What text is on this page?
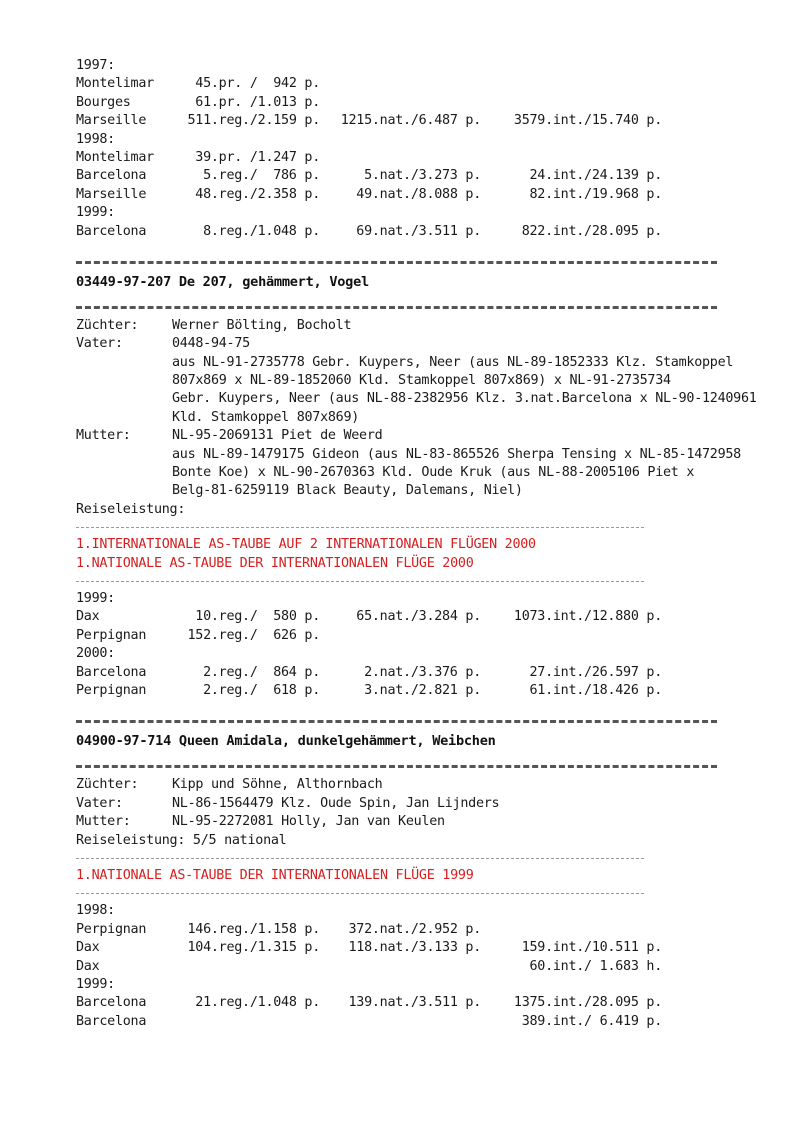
1997:
Montelimar	45.pr. /  942 p.
Bourges	61.pr. /1.013 p.
Marseille	511.reg./2.159 p. 1215.nat./6.487 p. 3579.int./15.740 p.
1998:
Montelimar	39.pr. /1.247 p.
Barcelona	5.reg./  786 p.	5.nat./3.273 p.	24.int./24.139 p.
Marseille	48.reg./2.358 p.	49.nat./8.088 p.	82.int./19.968 p.
1999:
Barcelona	8.reg./1.048 p.	69.nat./3.511 p.	822.int./28.095 p.
03449-97-207 De 207, gehämmert, Vogel
Züchter:	Werner Bölting, Bocholt
Vater:	0448-94-75
aus NL-91-2735778 Gebr. Kuypers, Neer (aus NL-89-1852333 Klz. Stamkoppel
807x869 x NL-89-1852060 Kld. Stamkoppel 807x869) x NL-91-2735734
Gebr. Kuypers, Neer (aus NL-88-2382956 Klz. 3.nat.Barcelona x NL-90-1240961
Kld. Stamkoppel 807x869)
Mutter:	NL-95-2069131 Piet de Weerd
aus NL-89-1479175 Gideon (aus NL-83-865526 Sherpa Tensing x NL-85-1472958
Bonte Koe) x NL-90-2670363 Kld. Oude Kruk (aus NL-88-2005106 Piet x
Belg-81-6259119 Black Beauty, Dalemans, Niel)
Reiseleistung:
1.INTERNATIONALE AS-TAUBE AUF 2 INTERNATIONALEN FLÜGEN 2000
1.NATIONALE AS-TAUBE DER INTERNATIONALEN FLÜGE 2000
1999:
Dax	10.reg./  580 p.	65.nat./3.284 p. 1073.int./12.880 p.
Perpignan	152.reg./  626 p.
2000:
Barcelona	2.reg./  864 p.	2.nat./3.376 p.	27.int./26.597 p.
Perpignan	2.reg./  618 p.	3.nat./2.821 p.	61.int./18.426 p.
04900-97-714 Queen Amidala, dunkelgehämmert, Weibchen
Züchter:	Kipp und Söhne, Althornbach
Vater:	NL-86-1564479 Klz. Oude Spin, Jan Lijnders
Mutter:	NL-95-2272081 Holly, Jan van Keulen
Reiseleistung: 5/5 national
1.NATIONALE AS-TAUBE DER INTERNATIONALEN FLÜGE 1999
1998:
Perpignan	146.reg./1.158 p. 372.nat./2.952 p.
Dax	104.reg./1.315 p. 118.nat./3.133 p.	159.int./10.511 p.
Dax	60.int./ 1.683 h.
1999:
Barcelona	21.reg./1.048 p. 139.nat./3.511 p. 1375.int./28.095 p.
Barcelona	389.int./ 6.419 p.
